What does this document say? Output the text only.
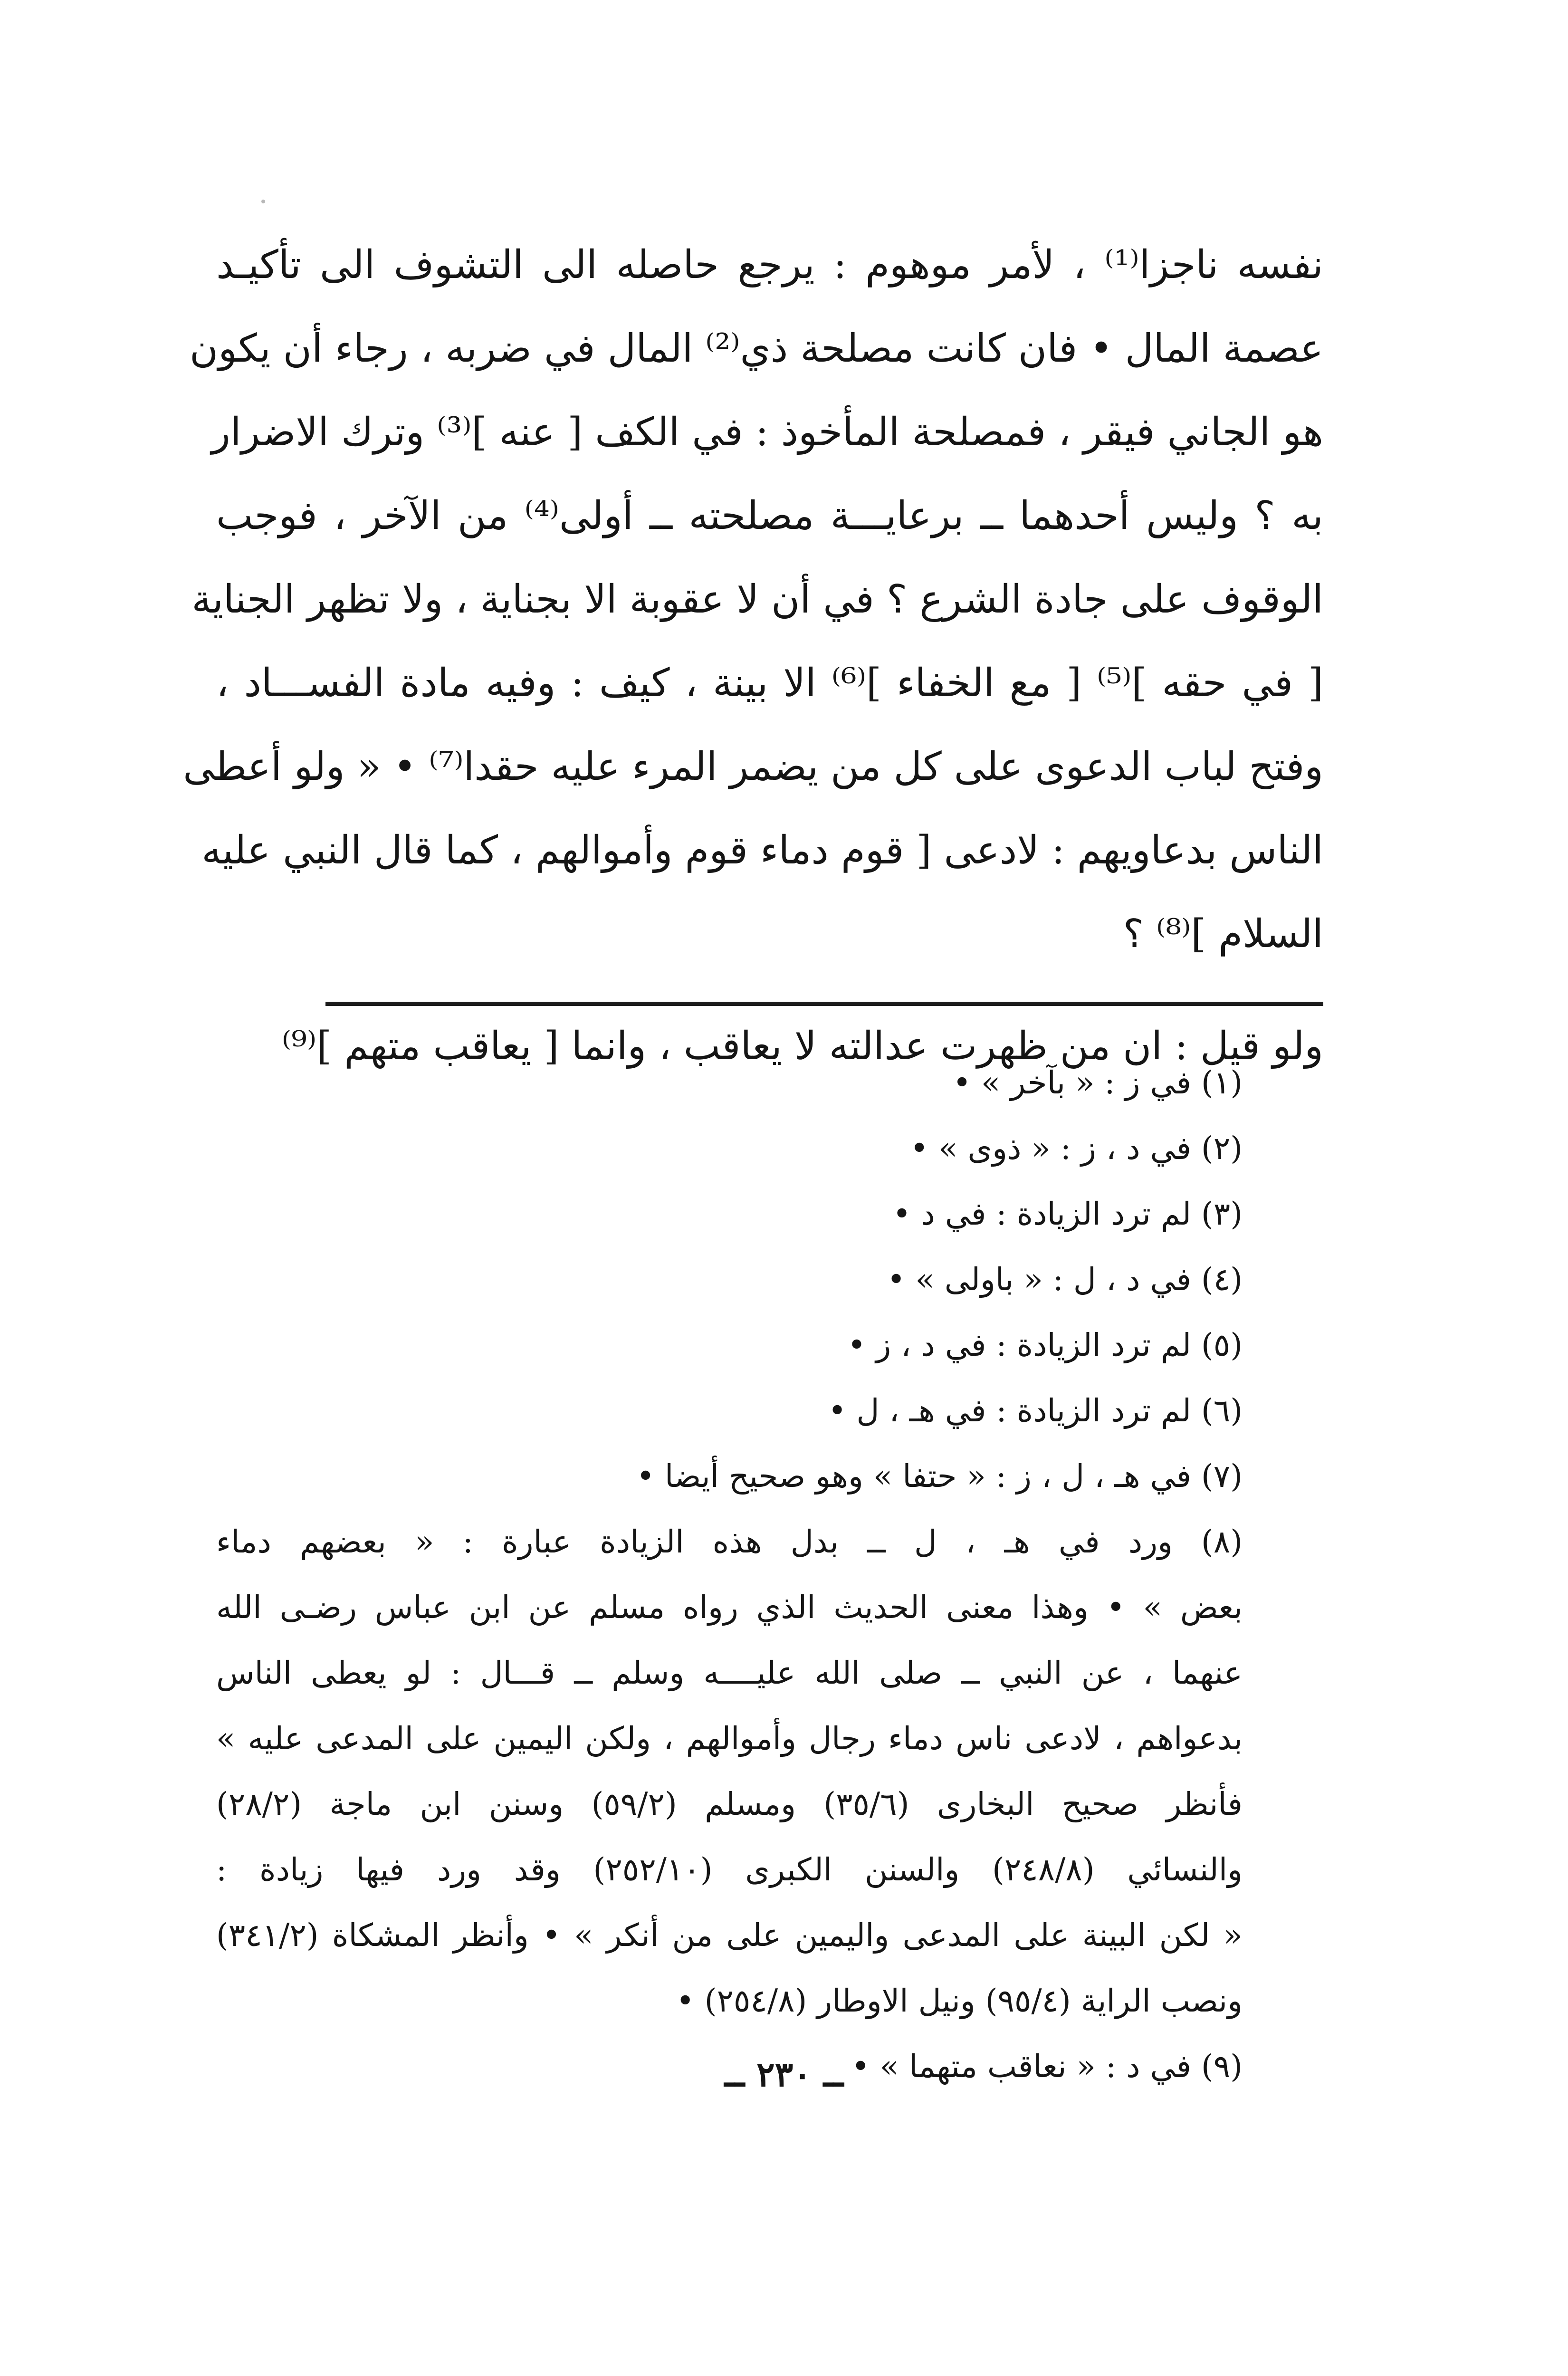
نفسه ناجزا⁽¹⁾ ، لأمر موهوم : يرجع حاصله الى التشوف الى تأكيـد
عصمة المال • فان كانت مصلحة ذي⁽²⁾ المال في ضربه ، رجاء أن يكون
هو الجاني فيقر ، فمصلحة المأخوذ : في الكف [ عنه ]⁽³⁾ وترك الاضرار
به ؟ وليس أحدهما ــ برعايـــة مصلحته ــ أولى⁽⁴⁾ من الآخر ، فوجب
الوقوف على جادة الشرع ؟ في أن لا عقوبة الا بجناية ، ولا تظهر الجناية
[ في حقه ]⁽⁵⁾ [ مع الخفاء ]⁽⁶⁾ الا بينة ، كيف : وفيه مادة الفســـاد ،
وفتح لباب الدعوى على كل من يضمر المرء عليه حقدا⁽⁷⁾ • « ولو أعطى
الناس بدعاويهم : لادعى [ قوم دماء قوم وأموالهم ، كما قال النبي عليه
السلام ]⁽⁸⁾ ؟
ولو قيل : ان من ظهرت عدالته لا يعاقب ، وانما [ يعاقب متهم ]⁽⁹⁾
(١) في ز : « بآخر » •
(٢) في د ، ز : « ذوى » •
(٣) لم ترد الزيادة : في د •
(٤) في د ، ل : « باولى » •
(٥) لم ترد الزيادة : في د ، ز •
(٦) لم ترد الزيادة : في هـ ، ل •
(٧) في هـ ، ل ، ز : « حتفا » وهو صحيح أيضا •
(٨) ورد في هـ ، ل ــ بدل هذه الزيادة عبارة : « بعضهم دماء
بعض » • وهذا معنى الحديث الذي رواه مسلم عن ابن عباس رضـى الله
عنهما ، عن النبي ــ صلى الله عليــــه وسلم ــ قـــال : لو يعطى الناس
بدعواهم ، لادعى ناس دماء رجال وأموالهم ، ولكن اليمين على المدعى عليه »
فأنظر صحيح البخارى (٣٥/٦) ومسلم (٥٩/٢) وسنن ابن ماجة (٢٨/٢)
والنسائي (٢٤٨/٨) والسنن الكبرى (٢٥٢/١٠) وقد ورد فيها زيادة :
« لكن البينة على المدعى واليمين على من أنكر » • وأنظر المشكاة (٣٤١/٢)
ونصب الراية (٩٥/٤) ونيل الاوطار (٢٥٤/٨) •
(٩) في د : « نعاقب متهما » •
ــ ٢٣٠ ــ
